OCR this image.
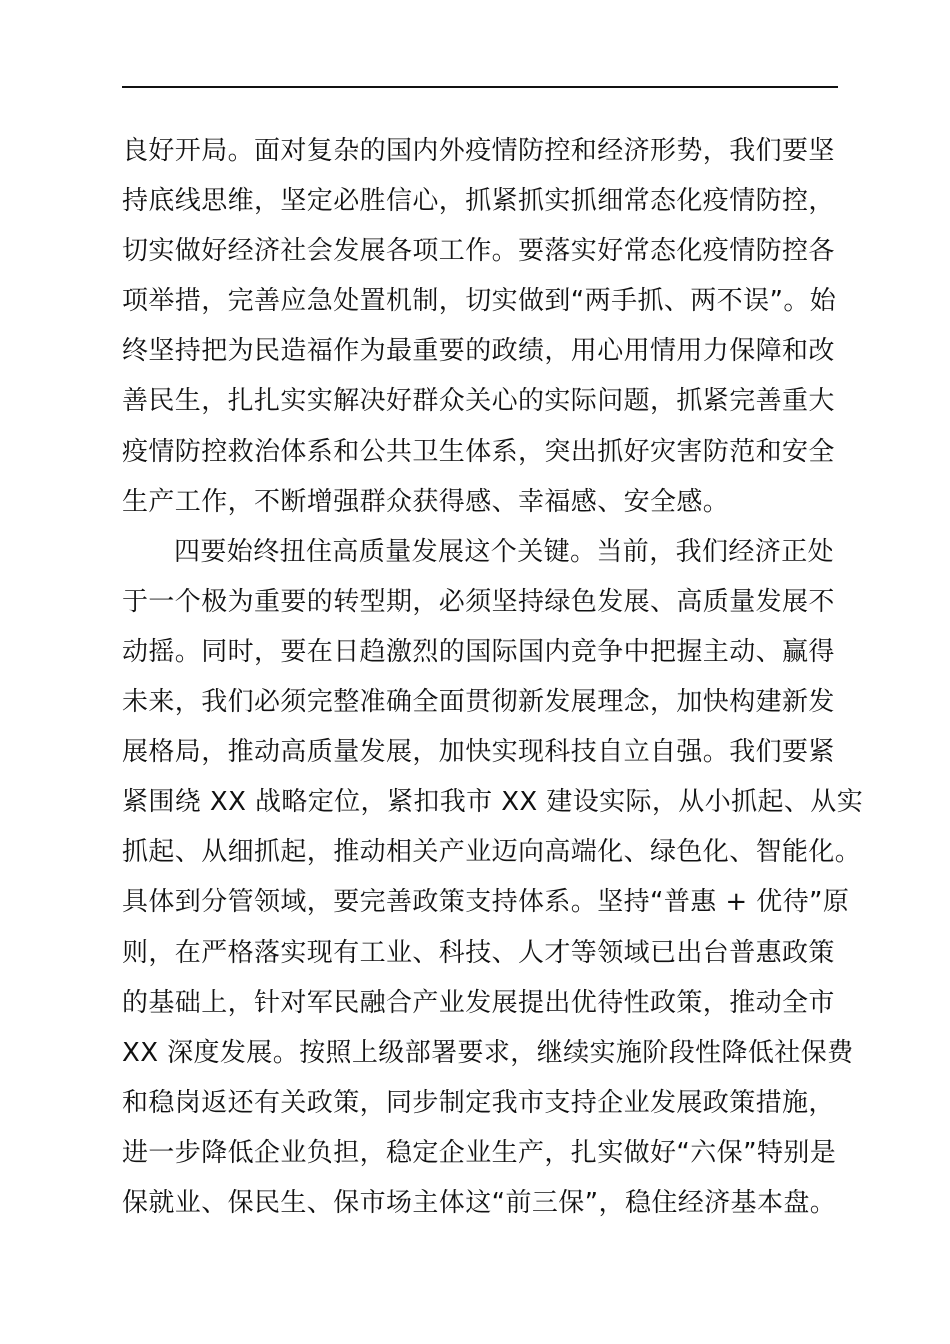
良好开局。面对复杂的国内外疫情防控和经济形势，我们要坚
持底线思维，坚定必胜信心，抓紧抓实抓细常态化疫情防控，
切实做好经济社会发展各项工作。要落实好常态化疫情防控各
项举措，完善应急处置机制，切实做到“两手抓、两不误”。始
终坚持把为民造福作为最重要的政绩，用心用情用力保障和改
善民生，扎扎实实解决好群众关心的实际问题，抓紧完善重大
疫情防控救治体系和公共卫生体系，突出抓好灾害防范和安全
生产工作，不断增强群众获得感、幸福感、安全感。
四要始终扭住高质量发展这个关键。当前，我们经济正处
于一个极为重要的转型期，必须坚持绿色发展、高质量发展不
动摇。同时，要在日趋激烈的国际国内竞争中把握主动、赢得
未来，我们必须完整准确全面贯彻新发展理念，加快构建新发
展格局，推动高质量发展，加快实现科技自立自强。我们要紧
紧围绕 XX 战略定位，紧扣我市 XX 建设实际，从小抓起、从实
抓起、从细抓起，推动相关产业迈向高端化、绿色化、智能化。
具体到分管领域，要完善政策支持体系。坚持“普惠 + 优待”原
则，在严格落实现有工业、科技、人才等领域已出台普惠政策
的基础上，针对军民融合产业发展提出优待性政策，推动全市
XX 深度发展。按照上级部署要求，继续实施阶段性降低社保费
和稳岗返还有关政策，同步制定我市支持企业发展政策措施，
进一步降低企业负担，稳定企业生产，扎实做好“六保”特别是
保就业、保民生、保市场主体这“前三保”，稳住经济基本盘。
